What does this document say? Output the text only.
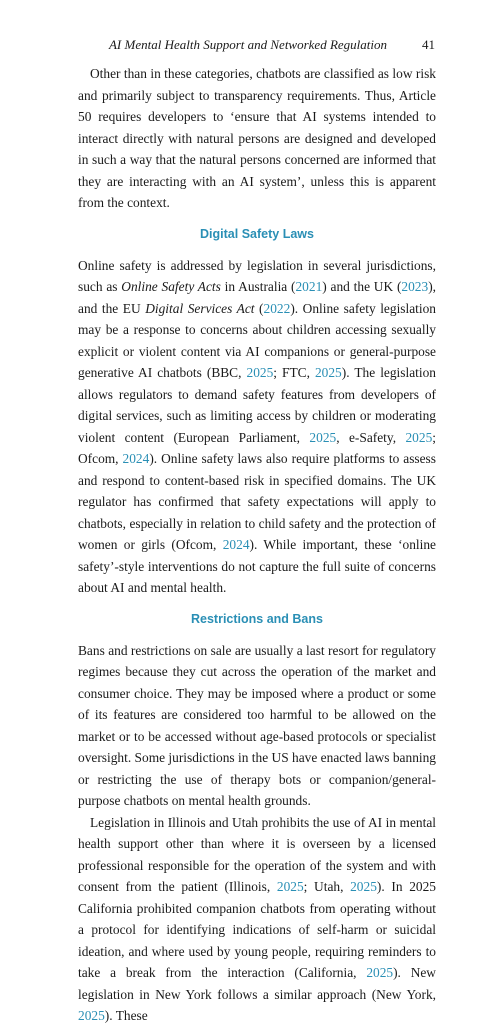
AI Mental Health Support and Networked Regulation	41

Other than in these categories, chatbots are classified as low risk and primarily subject to transparency requirements. Thus, Article 50 requires developers to ‘ensure that AI systems intended to interact directly with natural persons are designed and developed in such a way that the natural persons concerned are informed that they are interacting with an AI system’, unless this is apparent from the context.

Digital Safety Laws

Online safety is addressed by legislation in several jurisdictions, such as Online Safety Acts in Australia (2021) and the UK (2023), and the EU Digital Services Act (2022). Online safety legislation may be a response to concerns about children accessing sexually explicit or violent content via AI companions or general-purpose generative AI chatbots (BBC, 2025; FTC, 2025). The legislation allows regulators to demand safety features from developers of digital services, such as limiting access by children or moderating violent content (European Parliament, 2025, e-Safety, 2025; Ofcom, 2024). Online safety laws also require platforms to assess and respond to content-based risk in specified domains. The UK regulator has confirmed that safety expectations will apply to chatbots, especially in relation to child safety and the protection of women or girls (Ofcom, 2024). While important, these ‘online safety’-style interventions do not capture the full suite of concerns about AI and mental health.

Restrictions and Bans

Bans and restrictions on sale are usually a last resort for regulatory regimes because they cut across the operation of the market and consumer choice. They may be imposed where a product or some of its features are considered too harmful to be allowed on the market or to be accessed without age-based protocols or specialist oversight. Some jurisdictions in the US have enacted laws banning or restricting the use of therapy bots or companion/general-purpose chatbots on mental health grounds.

Legislation in Illinois and Utah prohibits the use of AI in mental health support other than where it is overseen by a licensed professional responsible for the operation of the system and with consent from the patient (Illinois, 2025; Utah, 2025). In 2025 California prohibited companion chatbots from operating without a protocol for identifying indications of self-harm or suicidal ideation, and where used by young people, requiring reminders to take a break from the interaction (California, 2025). New legislation in New York follows a similar approach (New York, 2025). These
